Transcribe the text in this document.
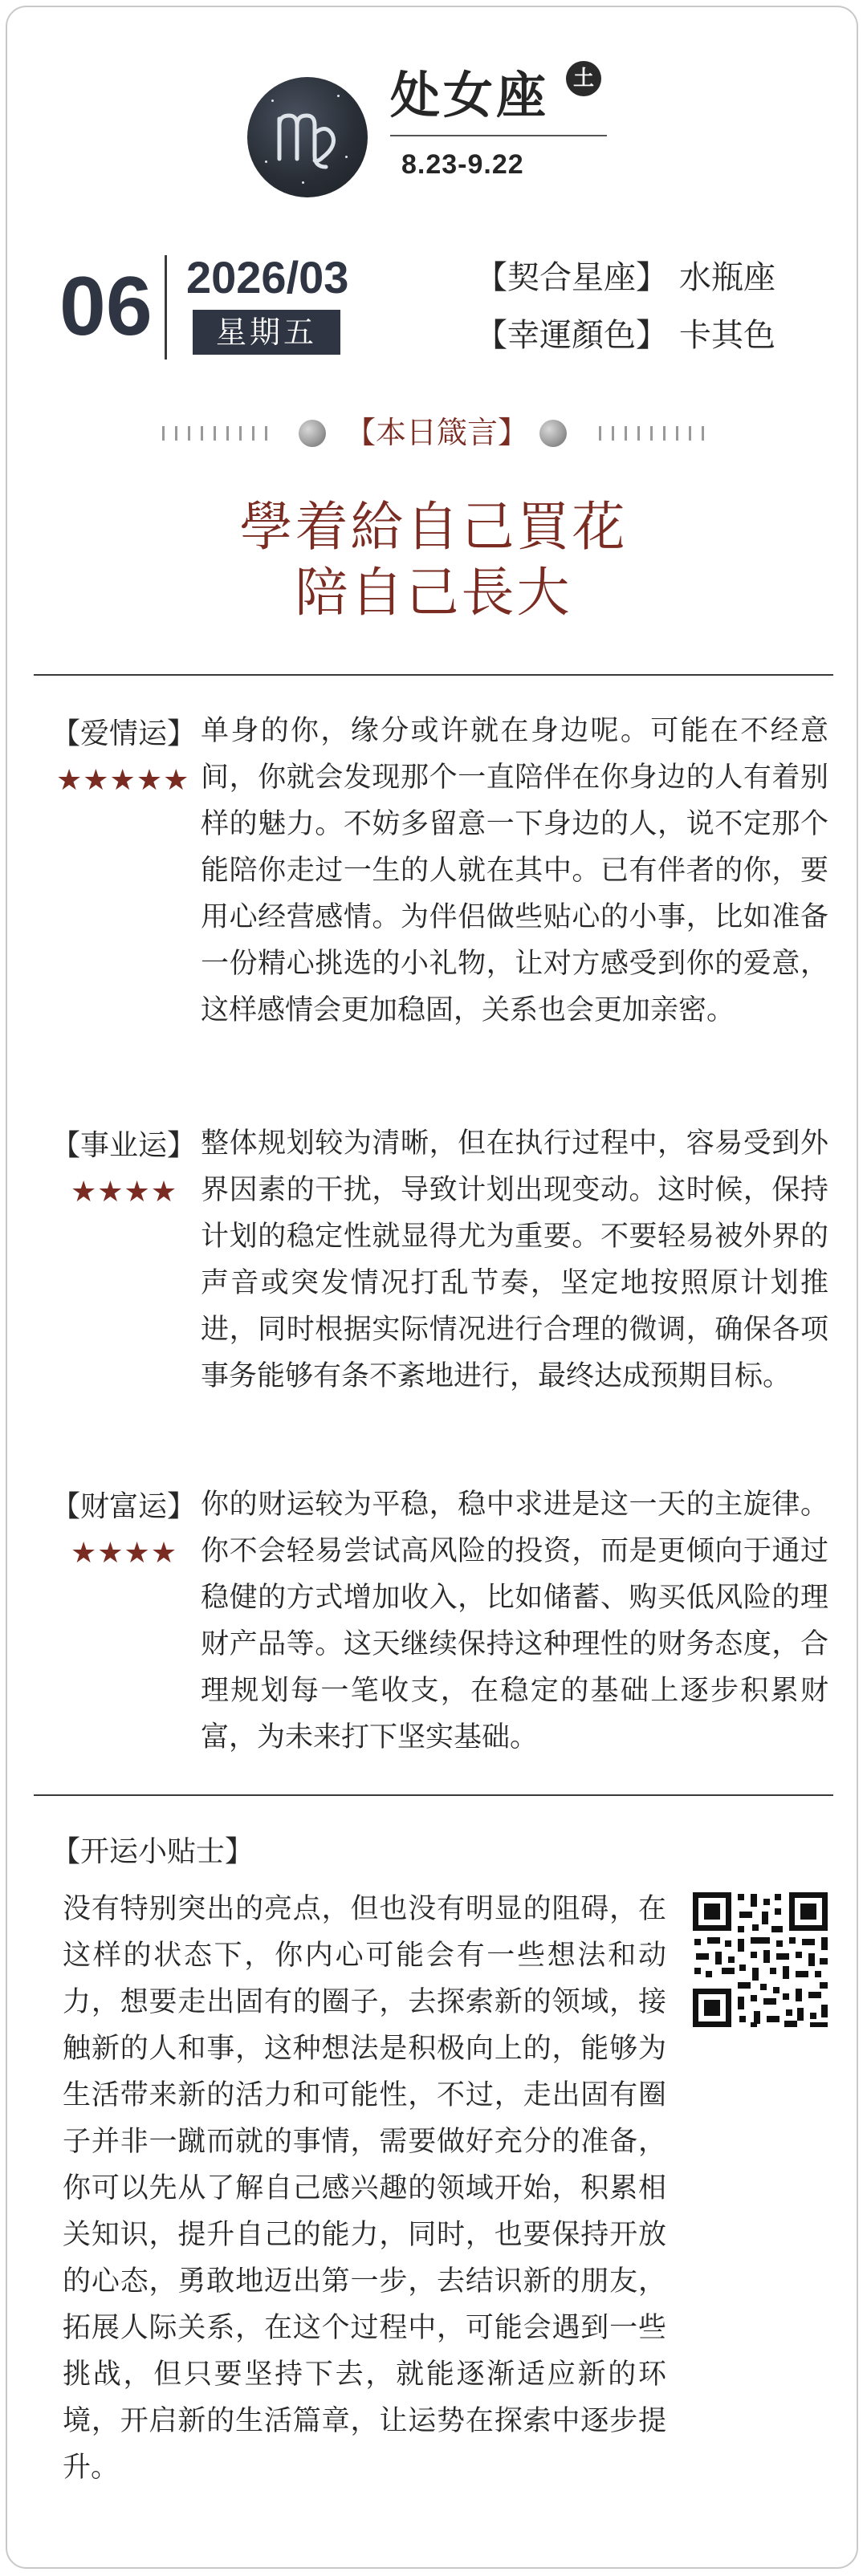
处女座	土
8.23-9.22
06 2026/03
星期五
【契合星座】 水瓶座
【幸運顏色】 卡其色
【本日箴言】
學着給自己買花
陪自己長大
【爱情运】
★★★★★

单身的你，缘分或许就在身边呢。可能在不经意间，你就会发现那个一直陪伴在你身边的人有着别样的魅力。不妨多留意一下身边的人，说不定那个能陪你走过一生的人就在其中。已有伴者的你，要用心经营感情。为伴侣做些贴心的小事，比如准备一份精心挑选的小礼物，让对方感受到你的爱意，这样感情会更加稳固，关系也会更加亲密。

【事业运】
★★★★

整体规划较为清晰，但在执行过程中，容易受到外界因素的干扰，导致计划出现变动。这时候，保持计划的稳定性就显得尤为重要。不要轻易被外界的声音或突发情况打乱节奏，坚定地按照原计划推进，同时根据实际情况进行合理的微调，确保各项事务能够有条不紊地进行，最终达成预期目标。

【财富运】
★★★★

你的财运较为平稳，稳中求进是这一天的主旋律。你不会轻易尝试高风险的投资，而是更倾向于通过稳健的方式增加收入，比如储蓄、购买低风险的理财产品等。这天继续保持这种理性的财务态度，合理规划每一笔收支，在稳定的基础上逐步积累财富，为未来打下坚实基础。

【开运小贴士】

没有特别突出的亮点，但也没有明显的阻碍，在这样的状态下，你内心可能会有一些想法和动力，想要走出固有的圈子，去探索新的领域，接触新的人和事，这种想法是积极向上的，能够为生活带来新的活力和可能性，不过，走出固有圈子并非一蹴而就的事情，需要做好充分的准备，你可以先从了解自己感兴趣的领域开始，积累相关知识，提升自己的能力，同时，也要保持开放的心态，勇敢地迈出第一步，去结识新的朋友，拓展人际关系，在这个过程中，可能会遇到一些挑战，但只要坚持下去，就能逐渐适应新的环境，开启新的生活篇章，让运势在探索中逐步提升。
